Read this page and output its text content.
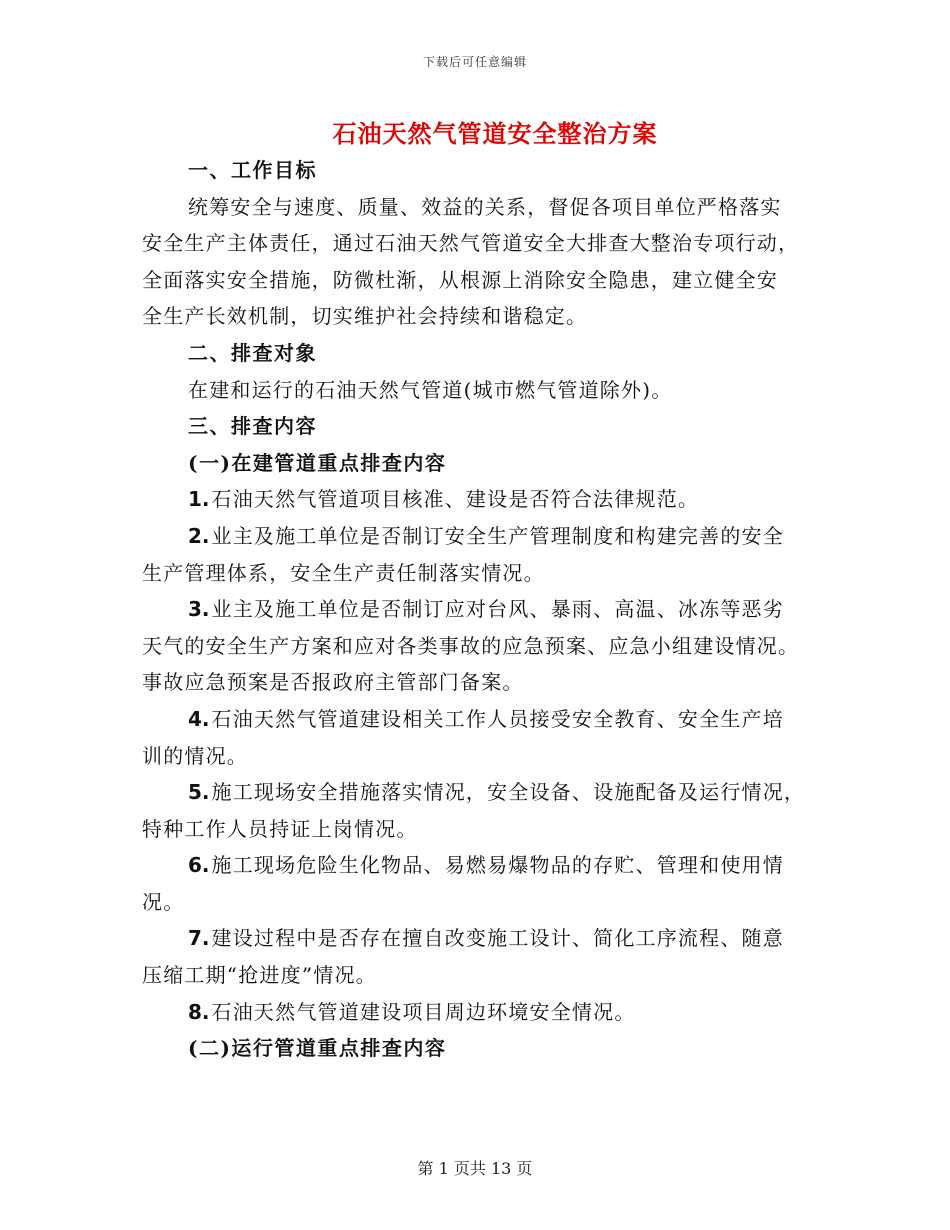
下载后可任意编辑
石油天然气管道安全整治方案
一、工作目标
统筹安全与速度、质量、效益的关系，督促各项目单位严格落实
安全生产主体责任，通过石油天然气管道安全大排查大整治专项行动，
全面落实安全措施，防微杜渐，从根源上消除安全隐患，建立健全安
全生产长效机制，切实维护社会持续和谐稳定。
二、排查对象
在建和运行的石油天然气管道(城市燃气管道除外)。
三、排查内容
(一)在建管道重点排查内容
1. 石油天然气管道项目核准、建设是否符合法律规范。
2. 业主及施工单位是否制订安全生产管理制度和构建完善的安全
生产管理体系，安全生产责任制落实情况。
3. 业主及施工单位是否制订应对台风、暴雨、高温、冰冻等恶劣
天气的安全生产方案和应对各类事故的应急预案、应急小组建设情况。
事故应急预案是否报政府主管部门备案。
4. 石油天然气管道建设相关工作人员接受安全教育、安全生产培
训的情况。
5. 施工现场安全措施落实情况，安全设备、设施配备及运行情况，
特种工作人员持证上岗情况。
6. 施工现场危险生化物品、易燃易爆物品的存贮、管理和使用情
况。
7. 建设过程中是否存在擅自改变施工设计、简化工序流程、随意
压缩工期“抢进度”情况。
8. 石油天然气管道建设项目周边环境安全情况。
(二)运行管道重点排查内容
第 1 页共 13 页
